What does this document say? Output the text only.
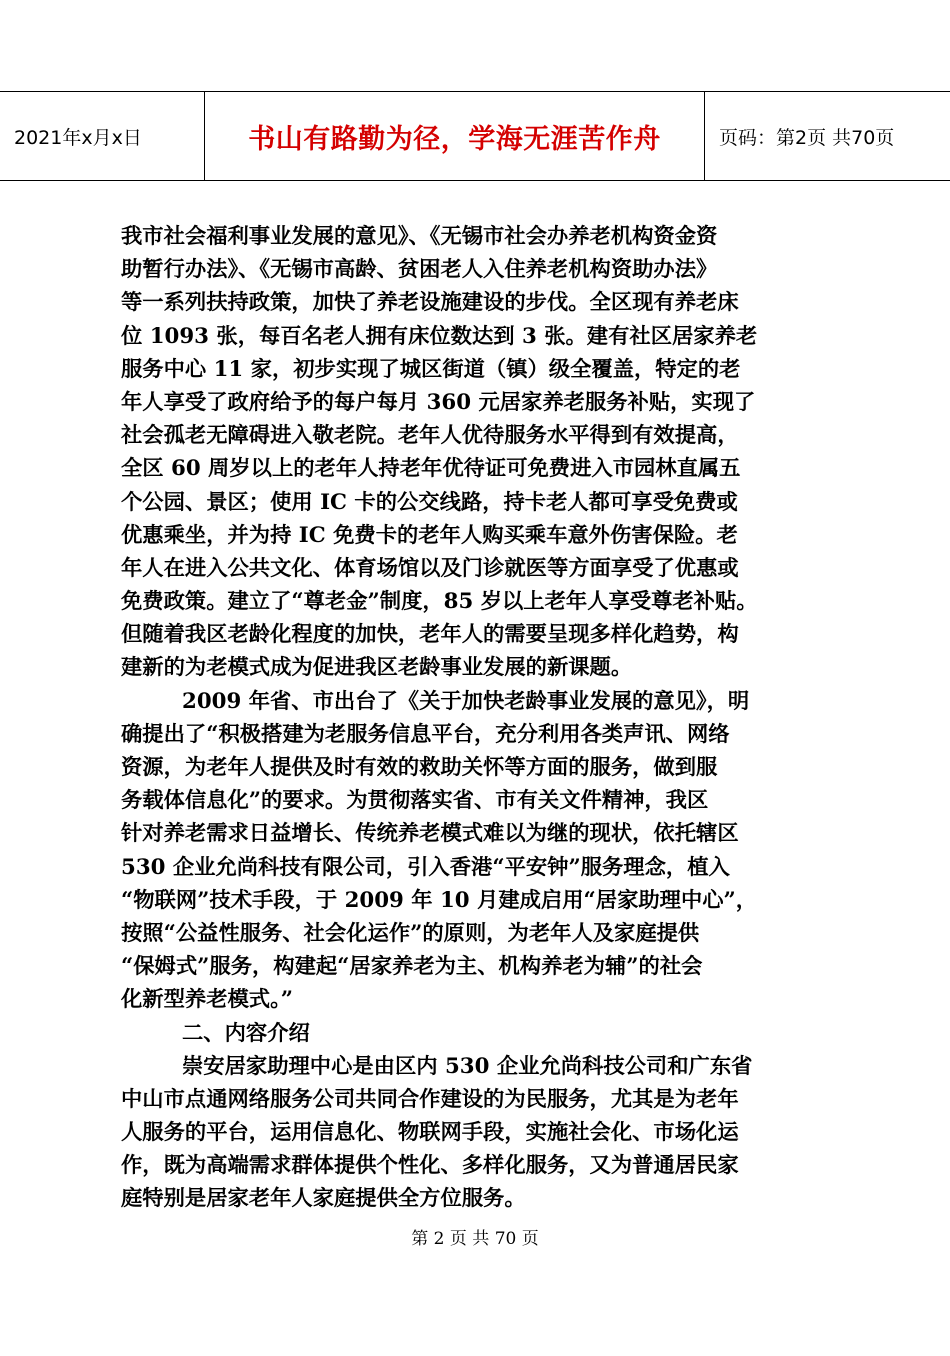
2021年x月x日	书山有路勤为径，学海无涯苦作舟	页码：第2页 共70页
我市社会福利事业发展的意见》、《无锡市社会办养老机构资金资
助暂行办法》、《无锡市高龄、贫困老人入住养老机构资助办法》
等一系列扶持政策，加快了养老设施建设的步伐。全区现有养老床
位 1093 张，每百名老人拥有床位数达到 3 张。建有社区居家养老
服务中心 11 家，初步实现了城区街道（镇）级全覆盖，特定的老
年人享受了政府给予的每户每月 360 元居家养老服务补贴，实现了
社会孤老无障碍进入敬老院。老年人优待服务水平得到有效提高，
全区 60 周岁以上的老年人持老年优待证可免费进入市园林直属五
个公园、景区；使用 IC 卡的公交线路，持卡老人都可享受免费或
优惠乘坐，并为持 IC 免费卡的老年人购买乘车意外伤害保险。老
年人在进入公共文化、体育场馆以及门诊就医等方面享受了优惠或
免费政策。建立了“尊老金”制度，85 岁以上老年人享受尊老补贴。
但随着我区老龄化程度的加快，老年人的需要呈现多样化趋势，构
建新的为老模式成为促进我区老龄事业发展的新课题。
2009 年省、市出台了《关于加快老龄事业发展的意见》，明
确提出了“积极搭建为老服务信息平台，充分利用各类声讯、网络
资源，为老年人提供及时有效的救助关怀等方面的服务，做到服
务载体信息化”的要求。为贯彻落实省、市有关文件精神，我区
针对养老需求日益增长、传统养老模式难以为继的现状，依托辖区
530 企业允尚科技有限公司，引入香港“平安钟”服务理念，植入
“物联网”技术手段，于 2009 年 10 月建成启用“居家助理中心”，
按照“公益性服务、社会化运作”的原则，为老年人及家庭提供
“保姆式”服务，构建起“居家养老为主、机构养老为辅”的社会
化新型养老模式。”
二、内容介绍
崇安居家助理中心是由区内 530 企业允尚科技公司和广东省
中山市点通网络服务公司共同合作建设的为民服务，尤其是为老年
人服务的平台，运用信息化、物联网手段，实施社会化、市场化运
作，既为高端需求群体提供个性化、多样化服务，又为普通居民家
庭特别是居家老年人家庭提供全方位服务。
第 2 页 共 70 页
